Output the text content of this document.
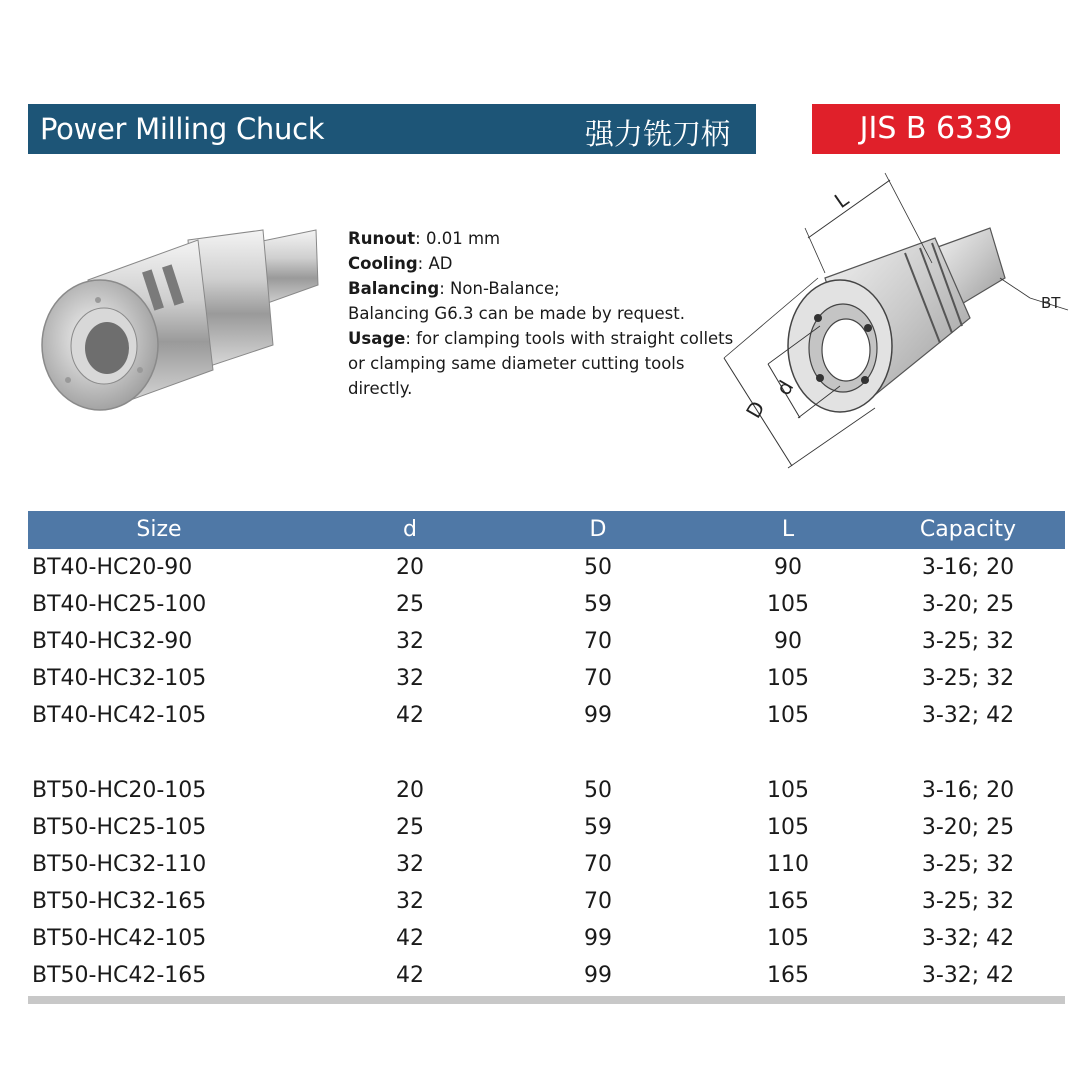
Power Milling Chuck	强力铣刀柄	JIS B 6339
Runout: 0.01 mm
Cooling: AD
Balancing: Non-Balance;
Balancing G6.3 can be made by request.
Usage: for clamping tools with straight collets
or clamping same diameter cutting tools
directly.
L
d
D
BT
Size	d	D	L	Capacity
BT40-HC20-90	20	50	90	3-16; 20
BT40-HC25-100	25	59	105	3-20; 25
BT40-HC32-90	32	70	90	3-25; 32
BT40-HC32-105	32	70	105	3-25; 32
BT40-HC42-105	42	99	105	3-32; 42
BT50-HC20-105	20	50	105	3-16; 20
BT50-HC25-105	25	59	105	3-20; 25
BT50-HC32-110	32	70	110	3-25; 32
BT50-HC32-165	32	70	165	3-25; 32
BT50-HC42-105	42	99	105	3-32; 42
BT50-HC42-165	42	99	165	3-32; 42
